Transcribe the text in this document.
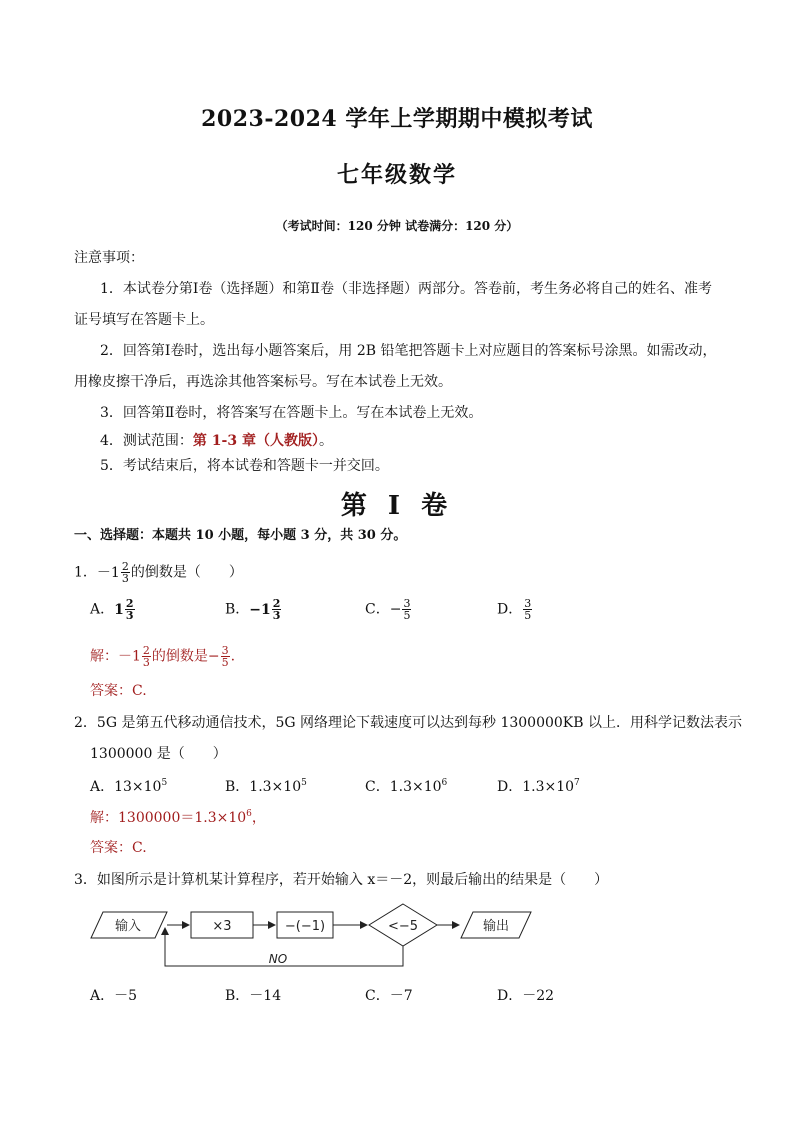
2023-2024 学年上学期期中模拟考试
七年级数学
（考试时间：120 分钟 试卷满分：120 分）
注意事项：
1．本试卷分第Ⅰ卷（选择题）和第Ⅱ卷（非选择题）两部分。答卷前，考生务必将自己的姓名、准考
证号填写在答题卡上。
2．回答第Ⅰ卷时，选出每小题答案后，用 2B 铅笔把答题卡上对应题目的答案标号涂黑。如需改动，
用橡皮擦干净后，再选涂其他答案标号。写在本试卷上无效。
3．回答第Ⅱ卷时，将答案写在答题卡上。写在本试卷上无效。
4．测试范围：第 1-3 章（人教版）。
5．考试结束后，将本试卷和答题卡一并交回。
第 I 卷
一、选择题：本题共 10 小题，每小题 3 分，共 30 分。
1． $-1 \frac{2}{3}$ 的倒数是（　　）
A． $1 \frac{2}{3}$	B． $-1 \frac{2}{3}$	C．− $\frac{3}{5}$	D． $\frac{3}{5}$
解：$-1 \frac{2}{3}$ 的倒数是− $\frac{3}{5}$ .
答案：C.
2．5G 是第五代移动通信技术，5G 网络理论下载速度可以达到每秒 1300000KB 以上．用科学记数法表示
1300000 是（　　）
A．$13\times 10^5$	B．$1.3\times 10^5$	C．$1.3\times 10^6$	D．$1.3\times 10^7$
解：$1300000=1.3\times 10^6$，
答案：C.
3．如图所示是计算机某计算程序，若开始输入 x＝－2，则最后输出的结果是（　　）
输入	×3	−(−1)	<−5	输出
NO
A．－5	B．－14	C．－7	D．－22
